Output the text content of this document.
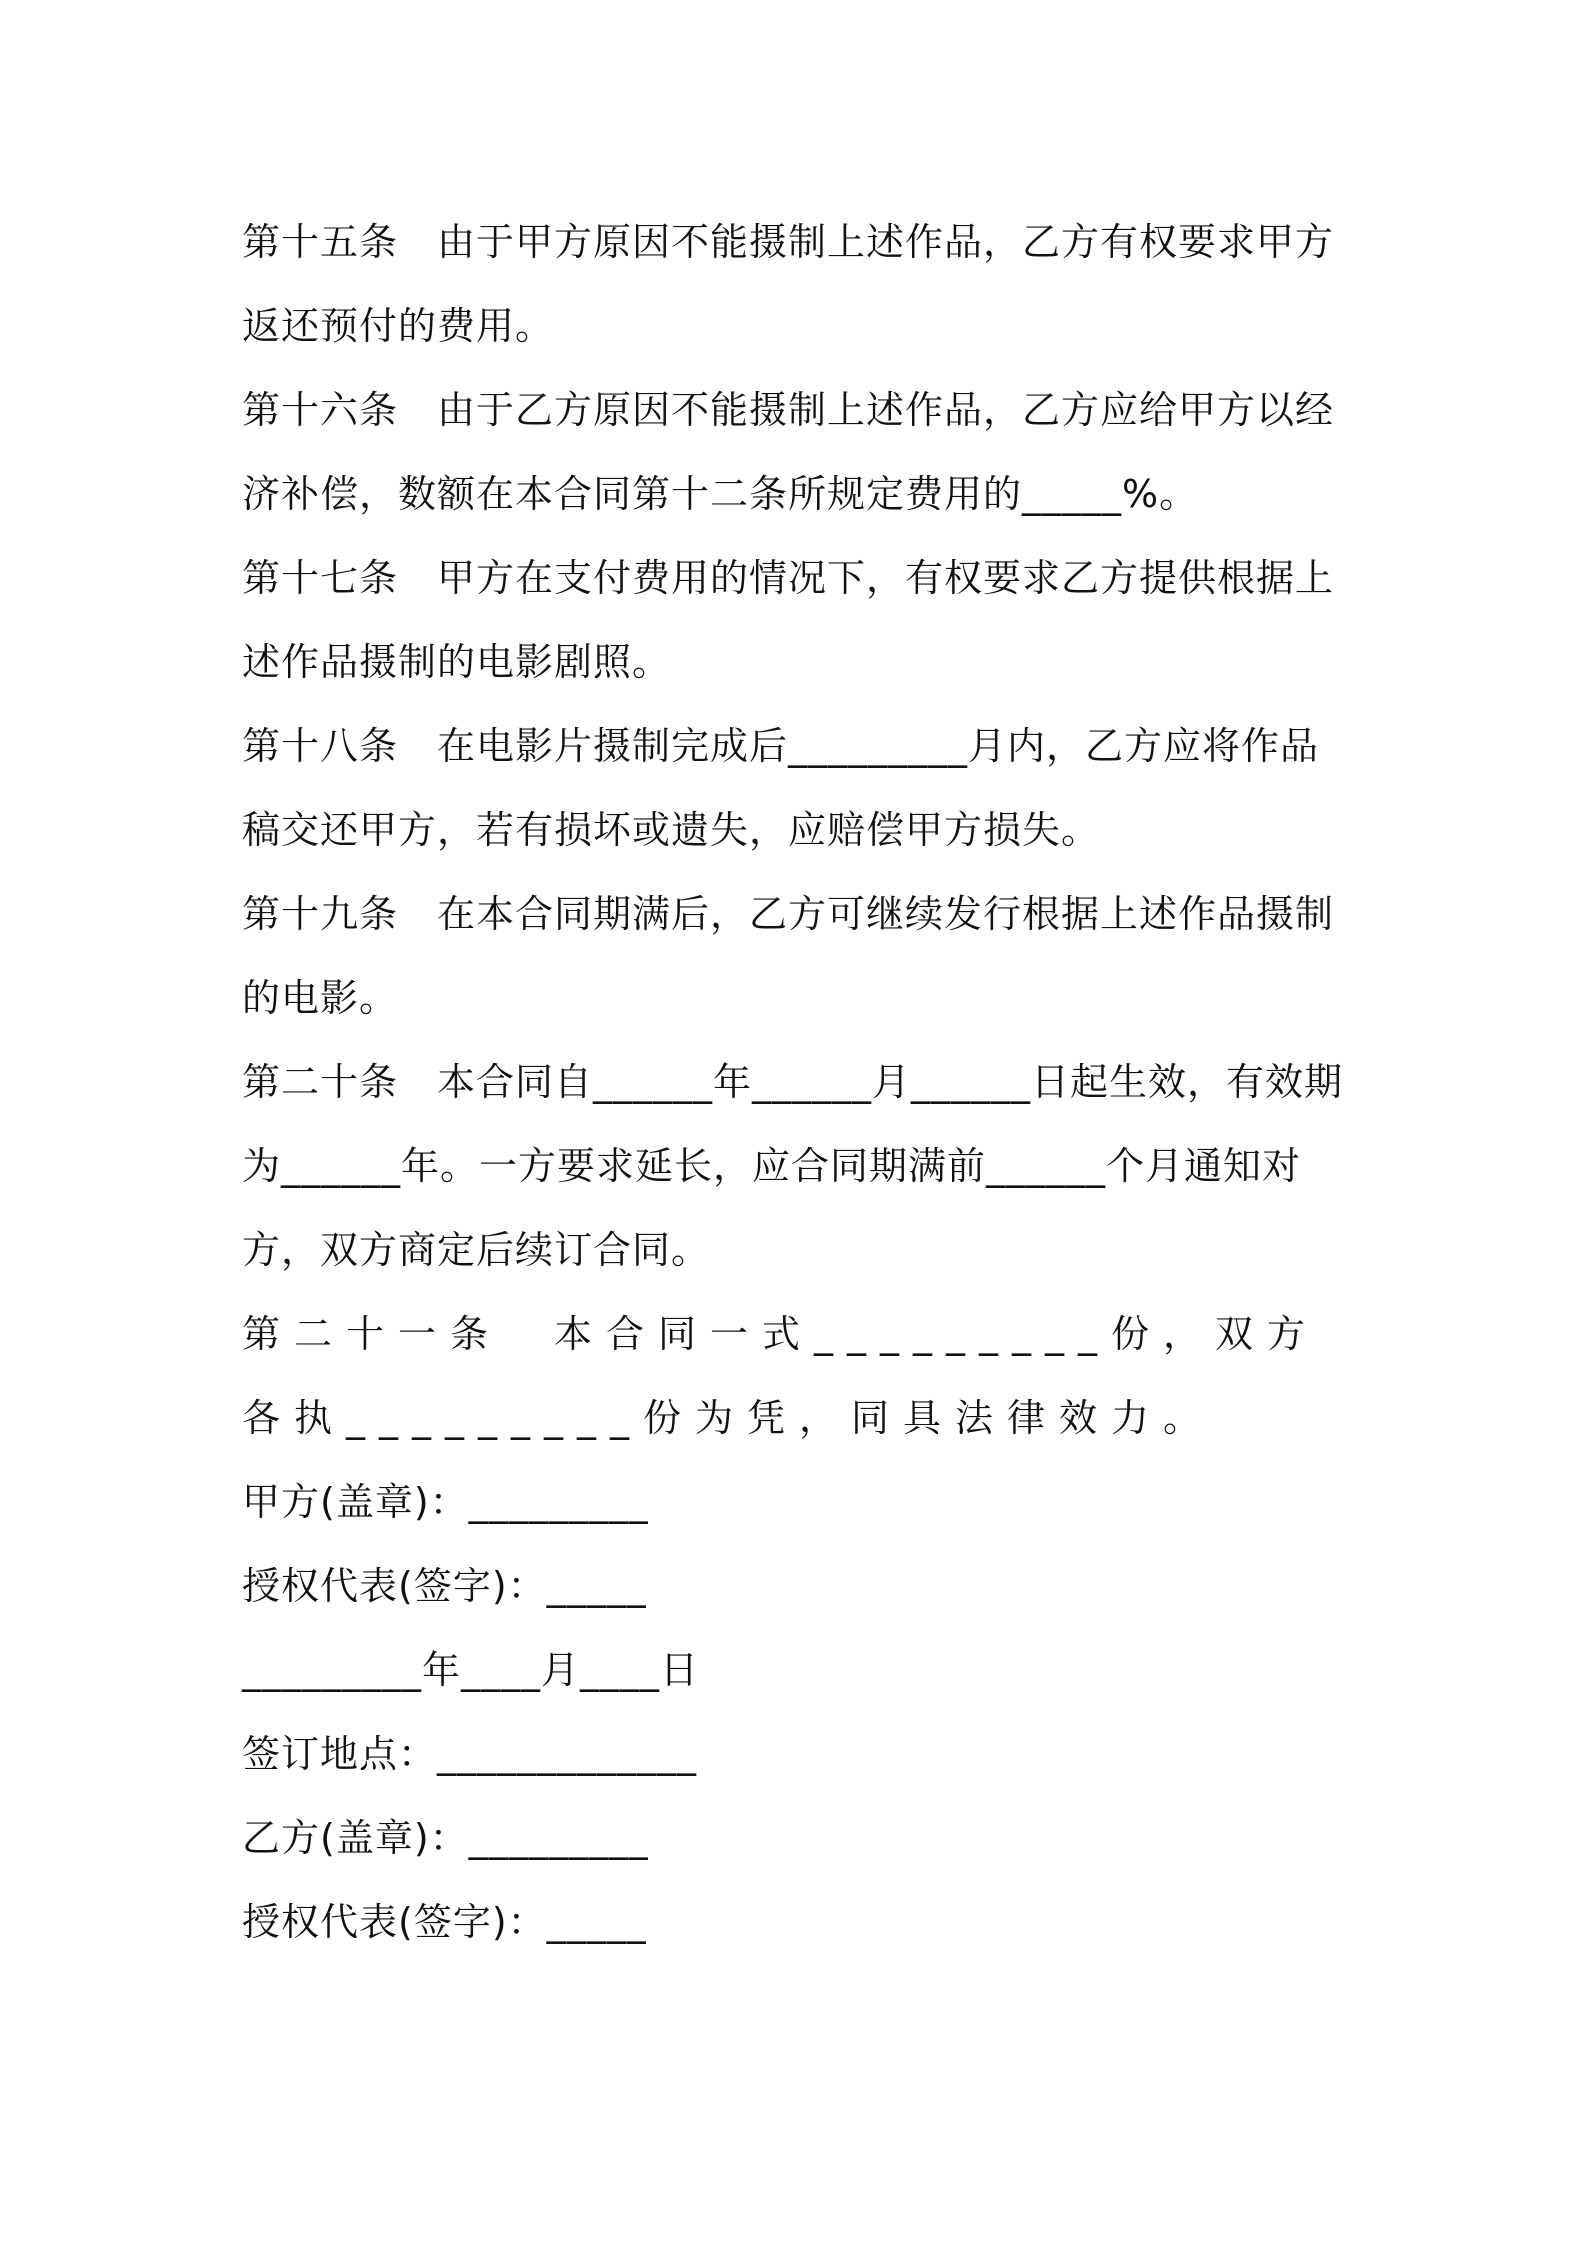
第十五条　由于甲方原因不能摄制上述作品，乙方有权要求甲方返还预付的费用。

第十六条　由于乙方原因不能摄制上述作品，乙方应给甲方以经济补偿，数额在本合同第十二条所规定费用的_____%。

第十七条　甲方在支付费用的情况下，有权要求乙方提供根据上述作品摄制的电影剧照。

第十八条　在电影片摄制完成后_________月内，乙方应将作品稿交还甲方，若有损坏或遗失，应赔偿甲方损失。

第十九条　在本合同期满后，乙方可继续发行根据上述作品摄制的电影。

第二十条　本合同自______年______月______日起生效，有效期为______年。一方要求延长，应合同期满前______个月通知对方，双方商定后续订合同。

第二十一条　本合同一式_________份，双方各执_________份为凭，同具法律效力。

甲方(盖章)：_________

授权代表(签字)：_____

_________年____月____日

签订地点：_____________

乙方(盖章)：_________

授权代表(签字)：_____
